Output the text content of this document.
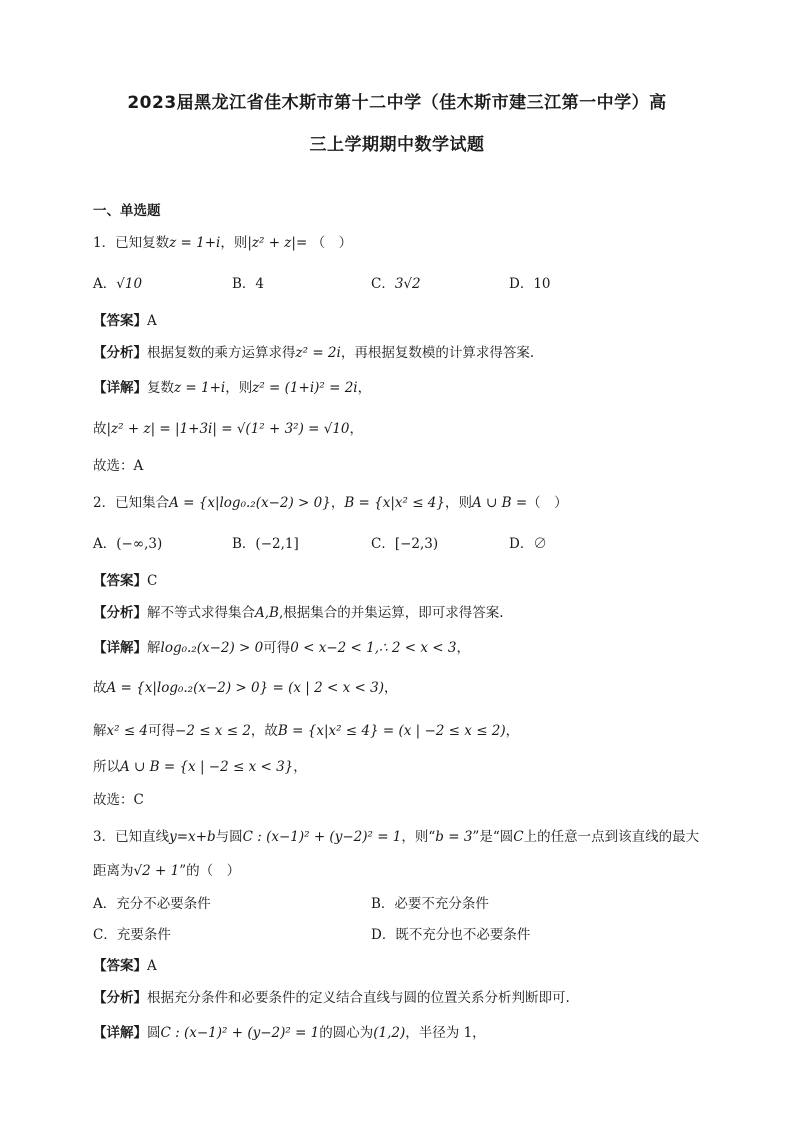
2023届黑龙江省佳木斯市第十二中学（佳木斯市建三江第一中学）高
三上学期期中数学试题
一、单选题
1．已知复数z = 1+i，则|z² + z|= （　）
A．√10	B．4	C．3√2	D．10
【答案】A
【分析】根据复数的乘方运算求得z² = 2i，再根据复数模的计算求得答案.
【详解】复数z = 1+i，则z² = (1+i)² = 2i，
故|z² + z| = |1+3i| = √(1² + 3²) = √10，
故选：A
2．已知集合A = {x|log₀.₂(x−2) > 0}，B = {x|x² ≤ 4}，则A ∪ B =（　）
A．(−∞,3)	B．(−2,1]	C．[−2,3)	D．∅
【答案】C
【分析】解不等式求得集合A,B,根据集合的并集运算，即可求得答案.
【详解】解log₀.₂(x−2) > 0可得0 < x−2 < 1,∴ 2 < x < 3，
故A = {x|log₀.₂(x−2) > 0} = (x | 2 < x < 3)，
解x² ≤ 4可得−2 ≤ x ≤ 2，故B = {x|x² ≤ 4} = (x | −2 ≤ x ≤ 2)，
所以A ∪ B = {x | −2 ≤ x < 3}，
故选：C
3．已知直线y=x+b与圆C : (x−1)² + (y−2)² = 1，则“b = 3”是“圆C上的任意一点到该直线的最大
距离为√2 + 1”的（　）
A．充分不必要条件	B．必要不充分条件
C．充要条件	D．既不充分也不必要条件
【答案】A
【分析】根据充分条件和必要条件的定义结合直线与圆的位置关系分析判断即可.
【详解】圆C : (x−1)² + (y−2)² = 1的圆心为(1,2)，半径为 1，
